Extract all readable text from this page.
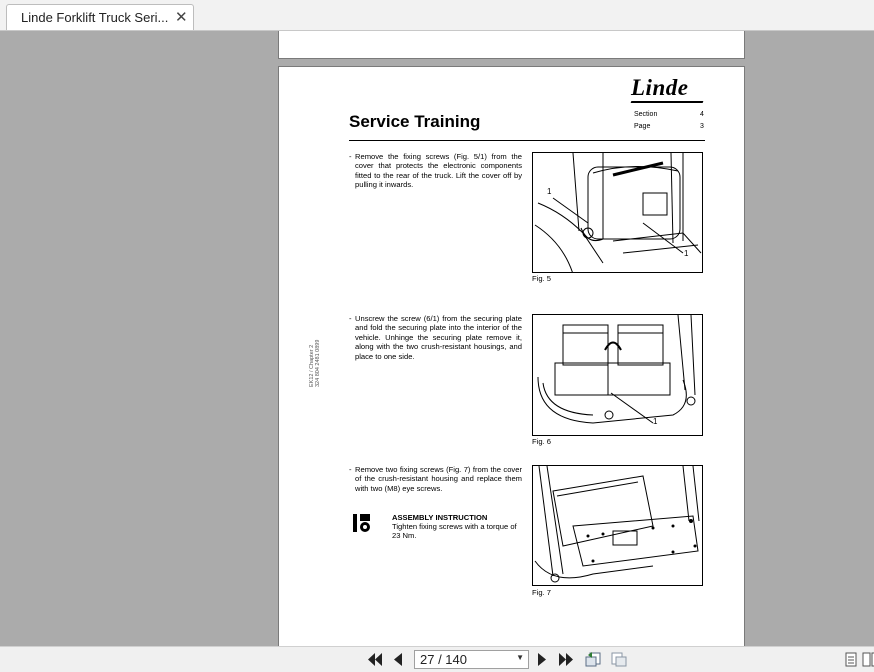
Linde Forklift Truck Seri... ✕
Linde
Service Training	Section	4
Page	3
EK12 / Chapter 2 324 804 2481 0899
- Remove the fixing screws (Fig. 5/1) from the cover that protects the electronic components fitted to the rear of the truck. Lift the cover off by pulling it inwards.
1
1
Fig. 5
- Unscrew the screw (6/1) from the securing plate and fold the securing plate into the interior of the vehicle. Unhinge the securing plate remove it, along with the two crush-resistant housings, and place to one side.
1
Fig. 6
- Remove two fixing screws (Fig. 7) from the cover of the crush-resistant housing and replace them with two (M8) eye screws.
ASSEMBLY INSTRUCTION
Tighten fixing screws with a torque of 23 Nm.
Fig. 7
27 / 140	▼
